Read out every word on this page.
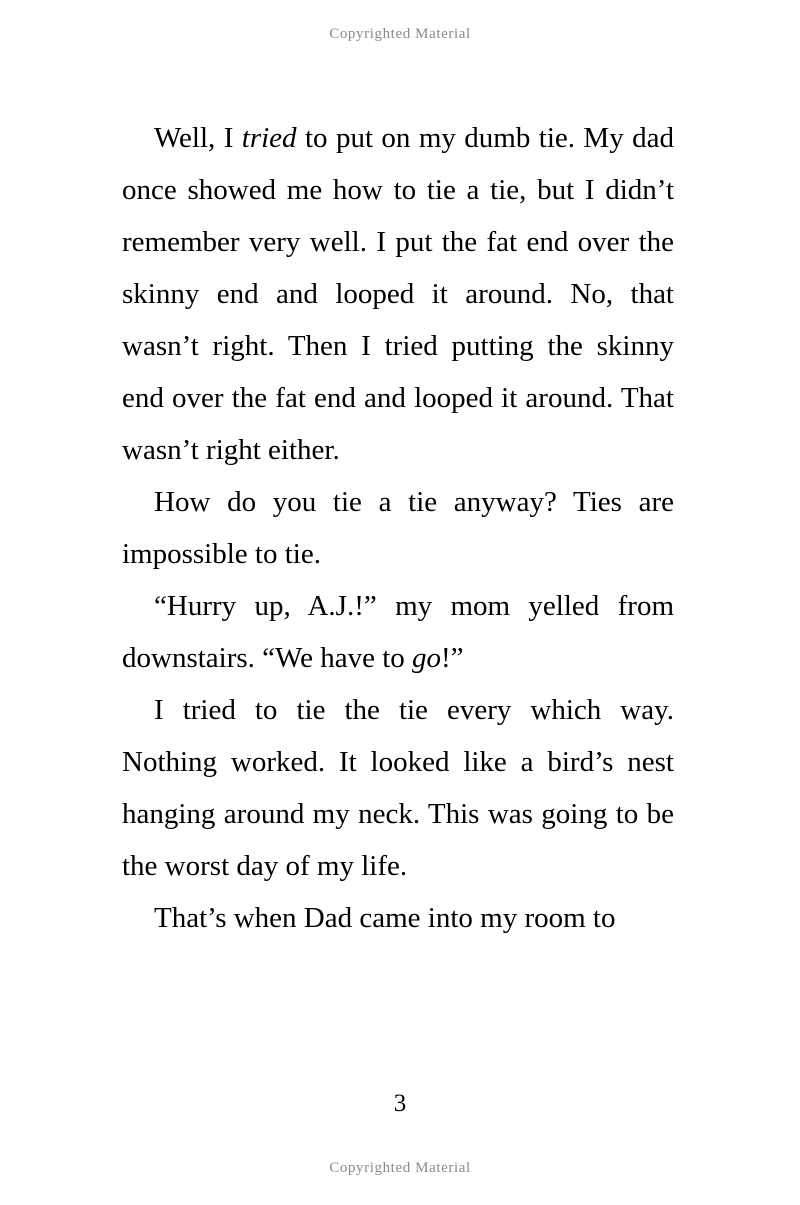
Copyrighted Material

Well, I tried to put on my dumb tie. My dad once showed me how to tie a tie, but I didn’t remember very well. I put the fat end over the skinny end and looped it around. No, that wasn’t right. Then I tried putting the skinny end over the fat end and looped it around. That wasn’t right either.

How do you tie a tie anyway? Ties are impossible to tie.

“Hurry up, A.J.!” my mom yelled from downstairs. “We have to go!”

I tried to tie the tie every which way. Nothing worked. It looked like a bird’s nest hanging around my neck. This was going to be the worst day of my life.

That’s when Dad came into my room to

3
Copyrighted Material
